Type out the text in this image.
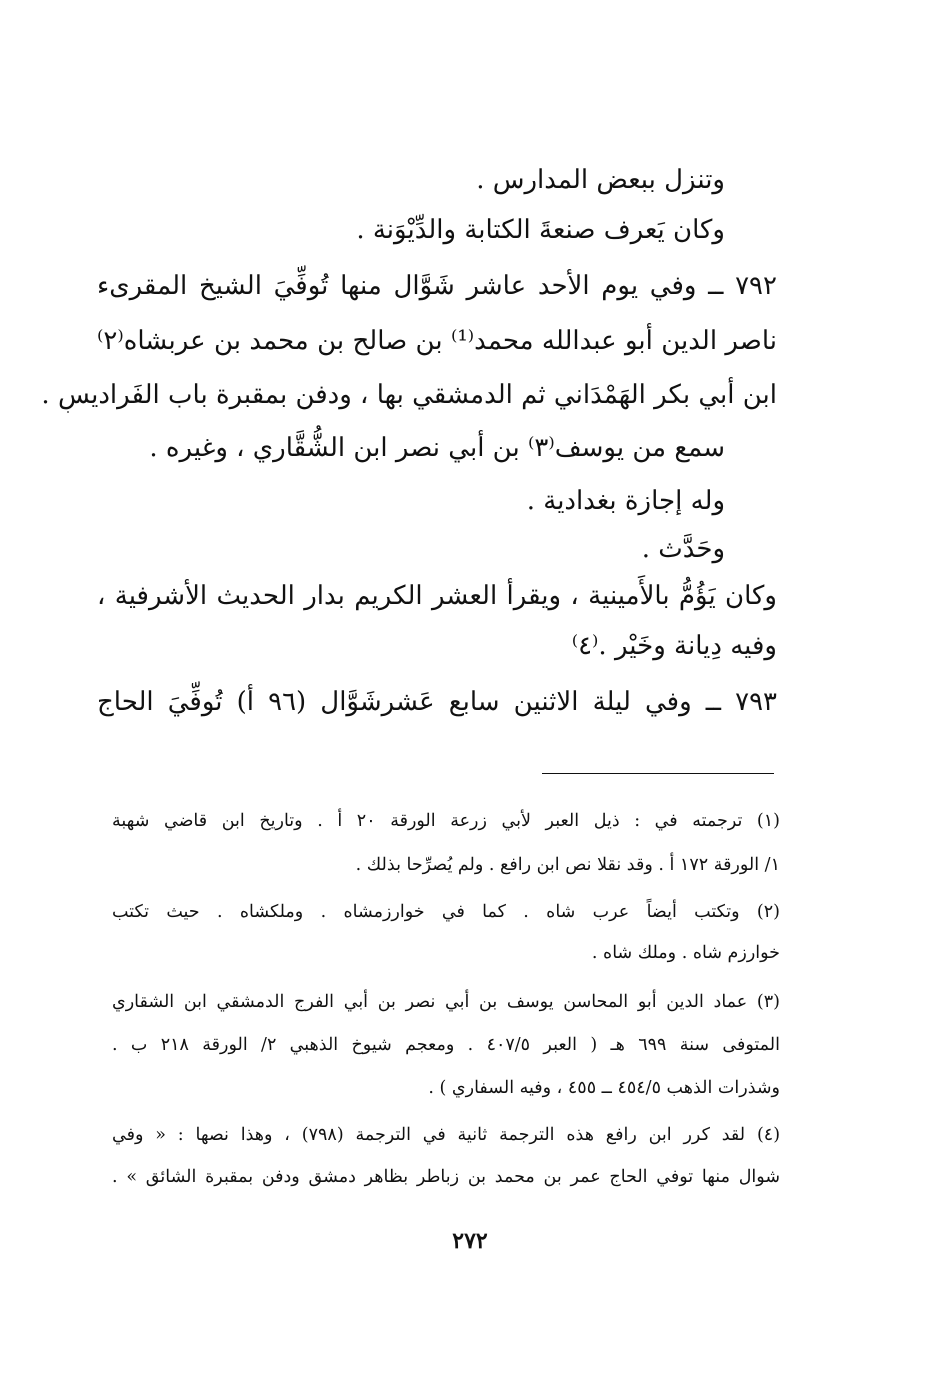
وتنزل ببعض المدارس .
وكان يَعرف صنعةَ الكتابة والدِّيْوَنة .
٧٩٢ ــ وفي يوم الأحد عاشر شَوَّال منها تُوفِّيَ الشيخ المقرىء
ناصر الدين أبو عبدالله محمد⁽¹⁾ بن صالح بن محمد بن عربشاه⁽٢⁾
ابن أبي بكر الهَمْدَاني ثم الدمشقي بها ، ودفن بمقبرة باب الفَراديس .
سمع من يوسف⁽٣⁾ بن أبي نصر ابن الشُّقَّاري ، وغيره .
وله إجازة بغدادية .
وحَدَّث .
وكان يَؤُمُّ بالأَمينية ، ويقرأ العشر الكريم بدار الحديث الأشرفية ،
وفيه دِيانة وخَيْر .⁽٤⁾
٧٩٣ ــ وفي ليلة الاثنين سابع عَشرشَوَّال (٩٦ أ) تُوفِّيَ الحاج
(١) ترجمته في : ذيل العبر لأبي زرعة الورقة ٢٠ أ . وتاريخ ابن قاضي شهبة
١/ الورقة ١٧٢ أ . وقد نقلا نص ابن رافع . ولم يُصرِّحا بذلك .
(٢) وتكتب أيضاً عرب شاه . كما في خوارزمشاه . وملكشاه . حيث تكتب
خوارزم شاه . وملك شاه .
(٣) عماد الدين أبو المحاسن يوسف بن أبي نصر بن أبي الفرج الدمشقي ابن الشقاري
المتوفى سنة ٦٩٩ هـ ( العبر ٤٠٧/٥ . ومعجم شيوخ الذهبي ٢/ الورقة ٢١٨ ب .
وشذرات الذهب ٤٥٤/٥ ــ ٤٥٥ ، وفيه السفاري ) .
(٤) لقد كرر ابن رافع هذه الترجمة ثانية في الترجمة (٧٩٨) ، وهذا نصها : « وفي
شوال منها توفي الحاج عمر بن محمد بن زباطر بظاهر دمشق ودفن بمقبرة الشائق » .
٢٧٢
